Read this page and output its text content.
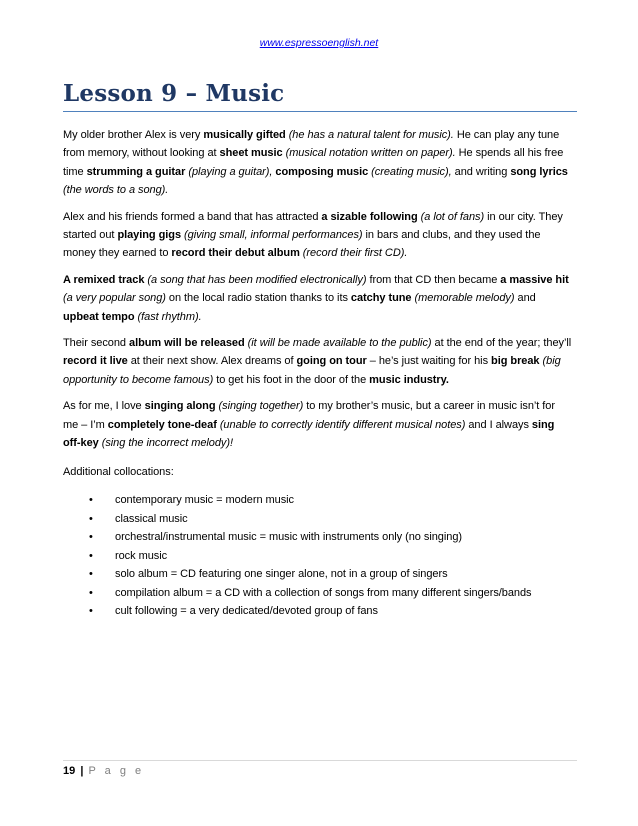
www.espressoenglish.net
Lesson 9 – Music

My older brother Alex is very musically gifted (he has a natural talent for music). He can play any tune from memory, without looking at sheet music (musical notation written on paper). He spends all his free time strumming a guitar (playing a guitar), composing music (creating music), and writing song lyrics (the words to a song).

Alex and his friends formed a band that has attracted a sizable following (a lot of fans) in our city. They started out playing gigs (giving small, informal performances) in bars and clubs, and they used the money they earned to record their debut album (record their first CD).

A remixed track (a song that has been modified electronically) from that CD then became a massive hit (a very popular song) on the local radio station thanks to its catchy tune (memorable melody) and upbeat tempo (fast rhythm).

Their second album will be released (it will be made available to the public) at the end of the year; they’ll record it live at their next show. Alex dreams of going on tour – he’s just waiting for his big break (big opportunity to become famous) to get his foot in the door of the music industry.

As for me, I love singing along (singing together) to my brother’s music, but a career in music isn’t for me – I’m completely tone-deaf (unable to correctly identify different musical notes) and I always sing off-key (sing the incorrect melody)!

Additional collocations:

• contemporary music = modern music
• classical music
• orchestral/instrumental music = music with instruments only (no singing)
• rock music
• solo album = CD featuring one singer alone, not in a group of singers
• compilation album = a CD with a collection of songs from many different singers/bands
• cult following = a very dedicated/devoted group of fans
19 | P a g e
